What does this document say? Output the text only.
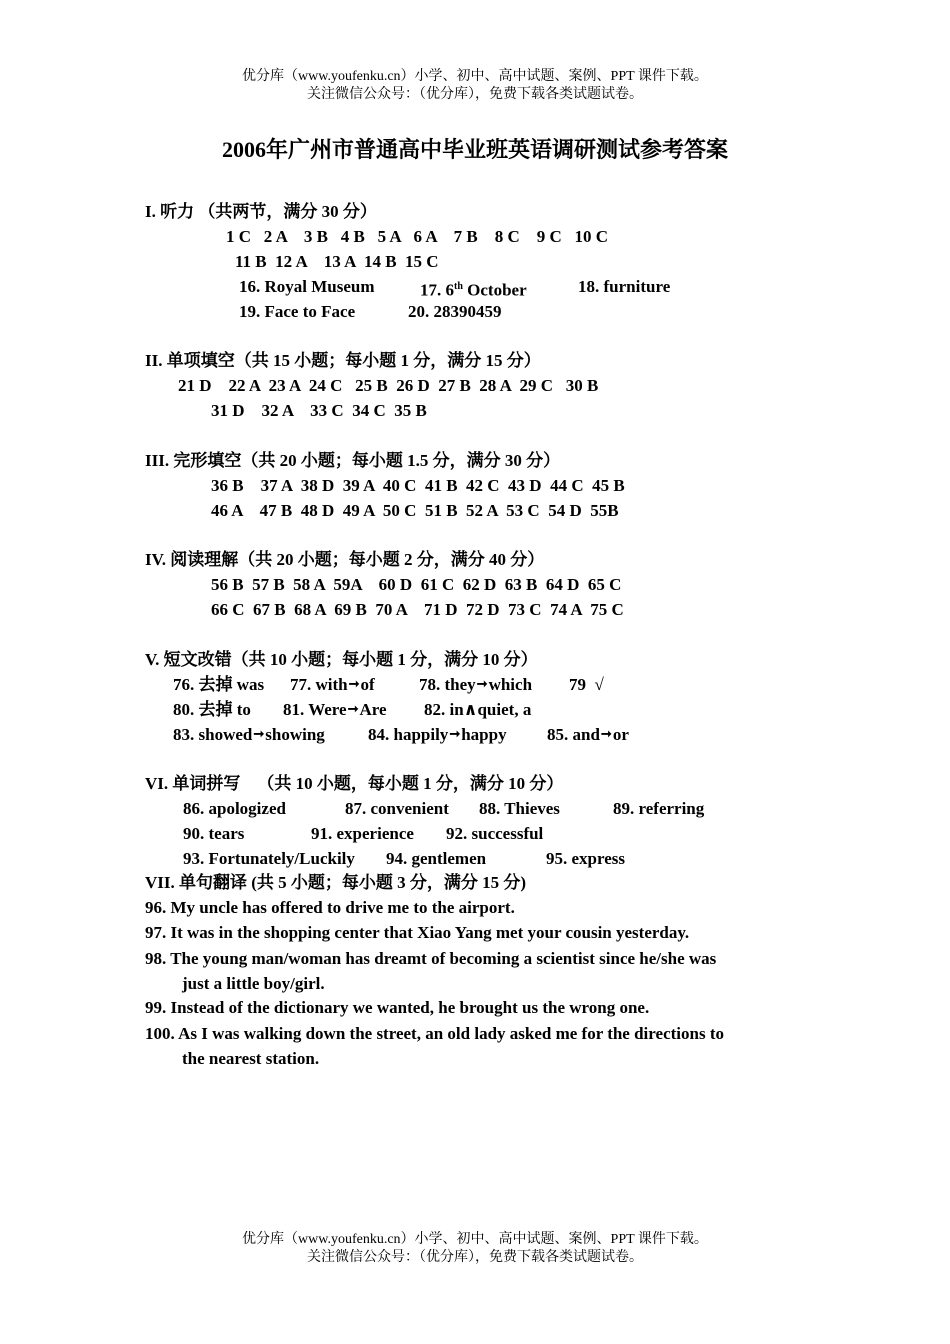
优分库（www.youfenku.cn）小学、初中、高中试题、案例、PPT 课件下载。
关注微信公众号：（优分库），免费下载各类试题试卷。
2006年广州市普通高中毕业班英语调研测试参考答案
I. 听力 （共两节，满分 30 分）
1 C   2 A    3 B   4 B   5 A   6 A    7 B    8 C    9 C   10 C
11 B  12 A    13 A  14 B  15 C
16. Royal Museum	17. 6th October	18. furniture
19. Face to Face	20. 28390459
II. 单项填空（共 15 小题；每小题 1 分，满分 15 分）
21 D    22 A  23 A  24 C   25 B  26 D  27 B  28 A  29 C   30 B
31 D    32 A    33 C  34 C  35 B
III. 完形填空（共 20 小题；每小题 1.5 分，满分 30 分）
36 B    37 A  38 D  39 A  40 C  41 B  42 C  43 D  44 C  45 B
46 A    47 B  48 D  49 A  50 C  51 B  52 A  53 C  54 D  55B
IV. 阅读理解（共 20 小题；每小题 2 分，满分 40 分）
56 B  57 B  58 A  59A    60 D  61 C  62 D  63 B  64 D  65 C
66 C  67 B  68 A  69 B  70 A    71 D  72 D  73 C  74 A  75 C
V. 短文改错（共 10 小题；每小题 1 分，满分 10 分）
76. 去掉 was 77. with➞of	78. they➞which 79  √
80. 去掉 to 81. Were➞Are 82. in∧quiet, a
83. showed➞showing	84. happily➞happy 85. and➞or
VI. 单词拼写    （共 10 小题，每小题 1 分，满分 10 分）
86. apologized	87. convenient 88. Thieves	89. referring
90. tears	91. experience 92. successful
93. Fortunately/Luckily 94. gentlemen	95. express
VII. 单句翻译 (共 5 小题；每小题 3 分，满分 15 分)
96. My uncle has offered to drive me to the airport.
97. It was in the shopping center that Xiao Yang met your cousin yesterday.
98. The young man/woman has dreamt of becoming a scientist since he/she was
just a little boy/girl.
99. Instead of the dictionary we wanted, he brought us the wrong one.
100. As I was walking down the street, an old lady asked me for the directions to
the nearest station.
优分库（www.youfenku.cn）小学、初中、高中试题、案例、PPT 课件下载。
关注微信公众号：（优分库），免费下载各类试题试卷。
